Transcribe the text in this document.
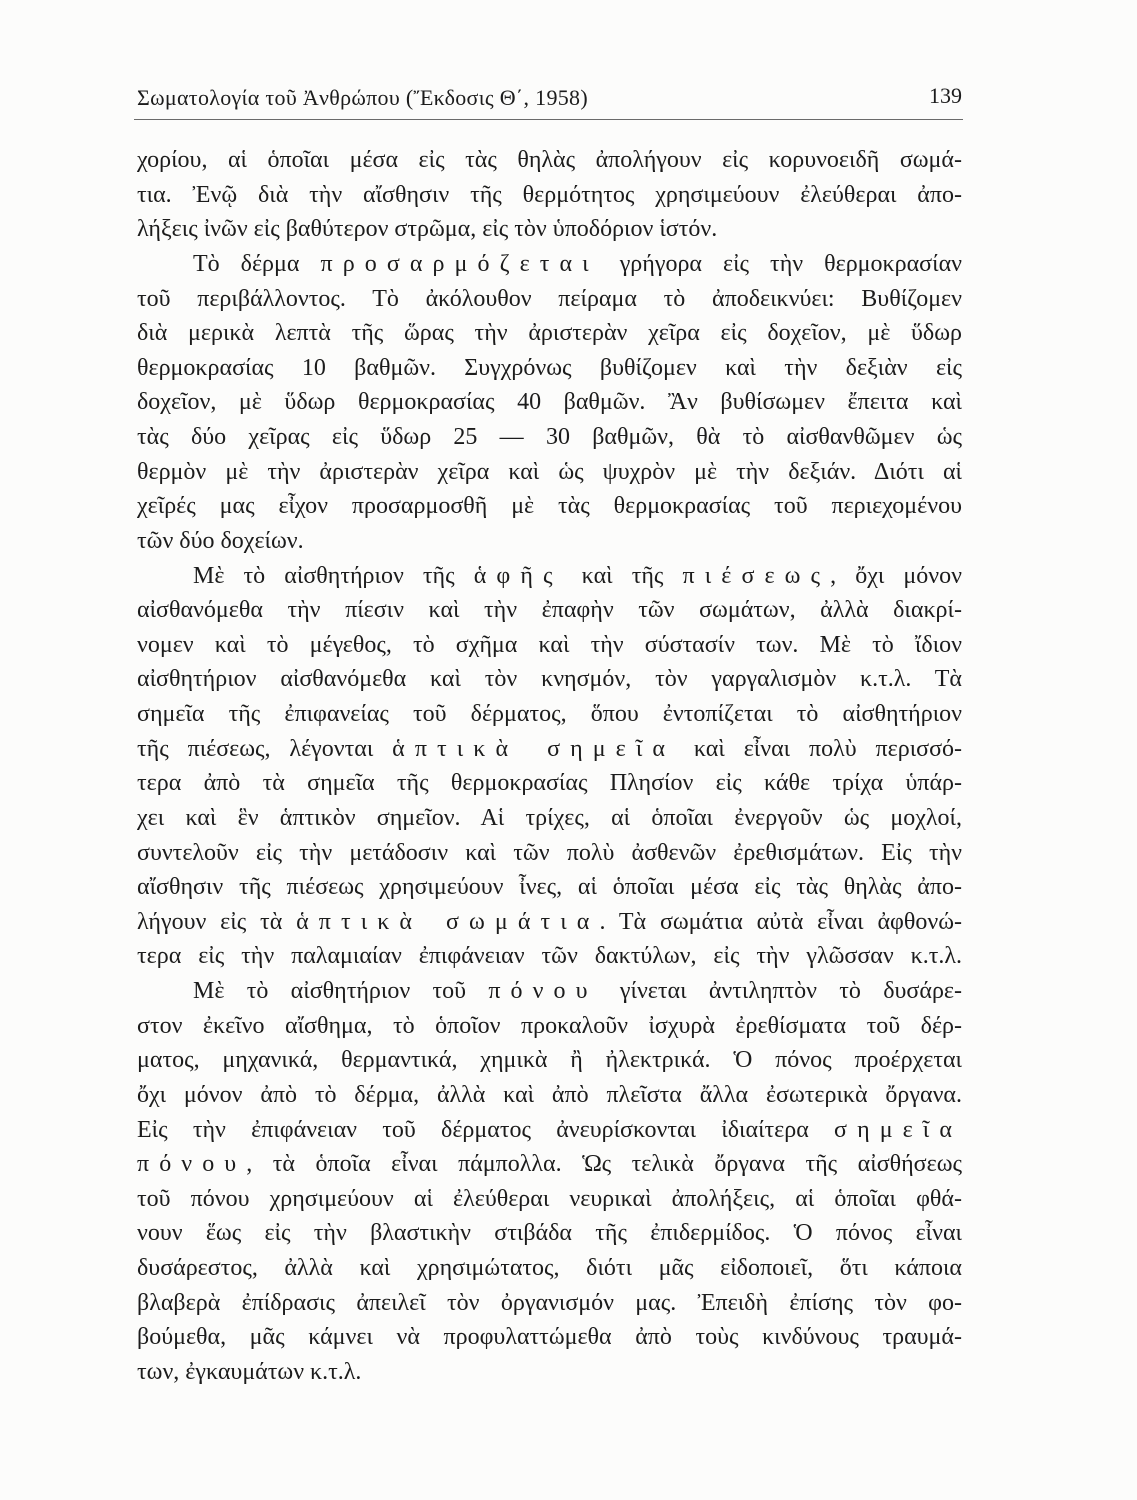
Σωματολογία τοῦ Ἀνθρώπου (Ἔκδοσις Θ΄, 1958)	139
χορίου, αἱ ὁποῖαι μέσα εἰς τὰς θηλὰς ἀπολήγουν εἰς κορυνοειδῆ σωμά-
τια. Ἐνῷ διὰ τὴν αἴσθησιν τῆς θερμότητος χρησιμεύουν ἐλεύθεραι ἀπο-
λήξεις ἰνῶν εἰς βαθύτερον στρῶμα, εἰς τὸν ὑποδόριον ἱστόν.
Τὸ δέρμα προσαρμόζεται γρήγορα εἰς τὴν θερμοκρασίαν
τοῦ περιβάλλοντος. Τὸ ἀκόλουθον πείραμα τὸ ἀποδεικνύει: Βυθίζομεν
διὰ μερικὰ λεπτὰ τῆς ὥρας τὴν ἀριστερὰν χεῖρα εἰς δοχεῖον, μὲ ὕδωρ
θερμοκρασίας 10 βαθμῶν. Συγχρόνως βυθίζομεν καὶ τὴν δεξιὰν εἰς
δοχεῖον, μὲ ὕδωρ θερμοκρασίας 40 βαθμῶν. Ἂν βυθίσωμεν ἔπειτα καὶ
τὰς δύο χεῖρας εἰς ὕδωρ 25 — 30 βαθμῶν, θὰ τὸ αἰσθανθῶμεν ὡς
θερμὸν μὲ τὴν ἀριστερὰν χεῖρα καὶ ὡς ψυχρὸν μὲ τὴν δεξιάν. Διότι αἱ
χεῖρές μας εἶχον προσαρμοσθῆ μὲ τὰς θερμοκρασίας τοῦ περιεχομένου
τῶν δύο δοχείων.
Μὲ τὸ αἰσθητήριον τῆς ἁφῆς καὶ τῆς πιέσεως, ὄχι μόνον
αἰσθανόμεθα τὴν πίεσιν καὶ τὴν ἐπαφὴν τῶν σωμάτων, ἀλλὰ διακρί-
νομεν καὶ τὸ μέγεθος, τὸ σχῆμα καὶ τὴν σύστασίν των. Μὲ τὸ ἴδιον
αἰσθητήριον αἰσθανόμεθα καὶ τὸν κνησμόν, τὸν γαργαλισμὸν κ.τ.λ. Τὰ
σημεῖα τῆς ἐπιφανείας τοῦ δέρματος, ὅπου ἐντοπίζεται τὸ αἰσθητήριον
τῆς πιέσεως, λέγονται ἁπτικὰ σημεῖα καὶ εἶναι πολὺ περισσό-
τερα ἀπὸ τὰ σημεῖα τῆς θερμοκρασίας Πλησίον εἰς κάθε τρίχα ὑπάρ-
χει καὶ ἓν ἁπτικὸν σημεῖον. Αἱ τρίχες, αἱ ὁποῖαι ἐνεργοῦν ὡς μοχλοί,
συντελοῦν εἰς τὴν μετάδοσιν καὶ τῶν πολὺ ἀσθενῶν ἐρεθισμάτων. Εἰς τὴν
αἴσθησιν τῆς πιέσεως χρησιμεύουν ἶνες, αἱ ὁποῖαι μέσα εἰς τὰς θηλὰς ἀπο-
λήγουν εἰς τὰ ἁπτικὰ σωμάτια. Τὰ σωμάτια αὐτὰ εἶναι ἀφθονώ-
τερα εἰς τὴν παλαμιαίαν ἐπιφάνειαν τῶν δακτύλων, εἰς τὴν γλῶσσαν κ.τ.λ.
Μὲ τὸ αἰσθητήριον τοῦ πόνου γίνεται ἀντιληπτὸν τὸ δυσάρε-
στον ἐκεῖνο αἴσθημα, τὸ ὁποῖον προκαλοῦν ἰσχυρὰ ἐρεθίσματα τοῦ δέρ-
ματος, μηχανικά, θερμαντικά, χημικὰ ἢ ἠλεκτρικά. Ὁ πόνος προέρχεται
ὄχι μόνον ἀπὸ τὸ δέρμα, ἀλλὰ καὶ ἀπὸ πλεῖστα ἄλλα ἐσωτερικὰ ὄργανα.
Εἰς τὴν ἐπιφάνειαν τοῦ δέρματος ἀνευρίσκονται ἰδιαίτερα σημεῖα
πόνου, τὰ ὁποῖα εἶναι πάμπολλα. Ὡς τελικὰ ὄργανα τῆς αἰσθήσεως
τοῦ πόνου χρησιμεύουν αἱ ἐλεύθεραι νευρικαὶ ἀπολήξεις, αἱ ὁποῖαι φθά-
νουν ἕως εἰς τὴν βλαστικὴν στιβάδα τῆς ἐπιδερμίδος. Ὁ πόνος εἶναι
δυσάρεστος, ἀλλὰ καὶ χρησιμώτατος, διότι μᾶς εἰδοποιεῖ, ὅτι κάποια
βλαβερὰ ἐπίδρασις ἀπειλεῖ τὸν ὀργανισμόν μας. Ἐπειδὴ ἐπίσης τὸν φο-
βούμεθα, μᾶς κάμνει νὰ προφυλαττώμεθα ἀπὸ τοὺς κινδύνους τραυμά-
των, ἐγκαυμάτων κ.τ.λ.
